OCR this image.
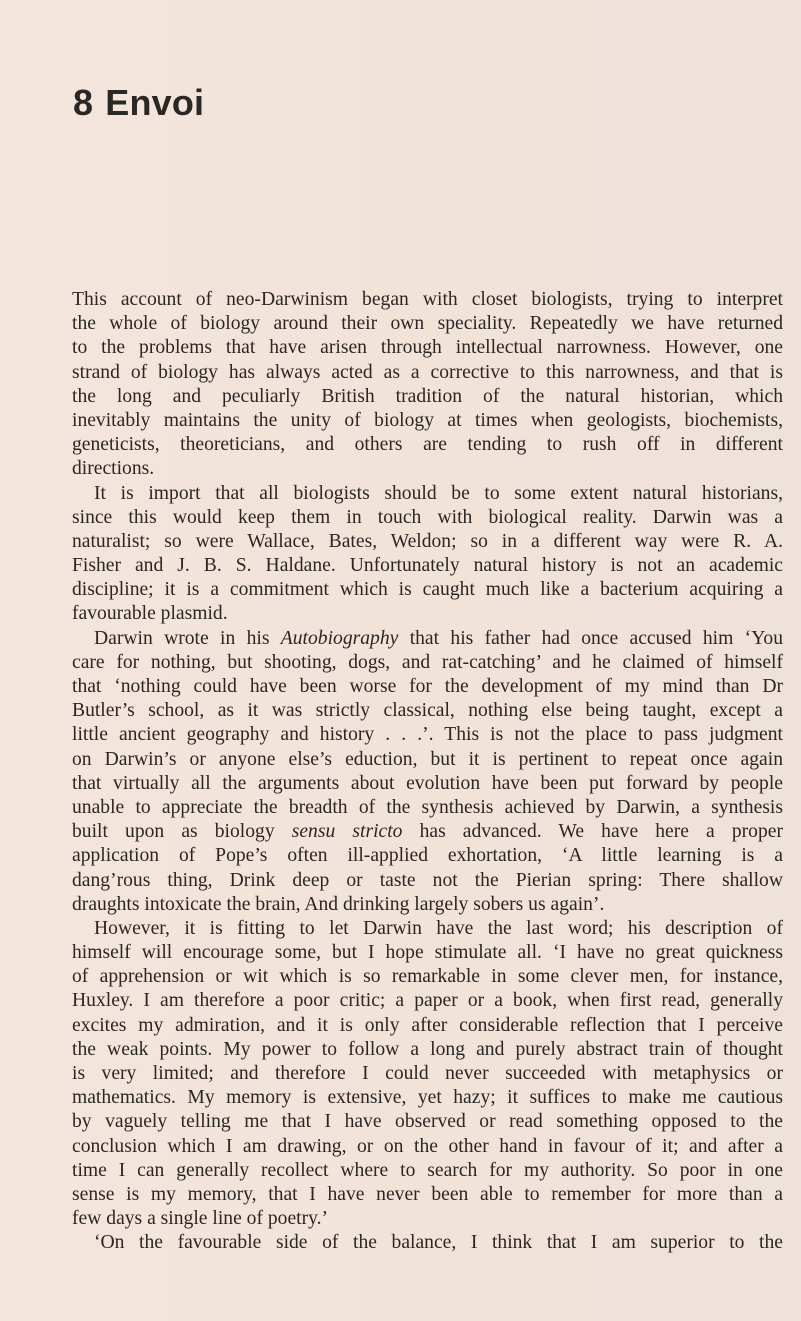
8 Envoi
This account of neo-Darwinism began with closet biologists, trying to interpret
the whole of biology around their own speciality. Repeatedly we have returned
to the problems that have arisen through intellectual narrowness. However, one
strand of biology has always acted as a corrective to this narrowness, and that is
the long and peculiarly British tradition of the natural historian, which
inevitably maintains the unity of biology at times when geologists, biochemists,
geneticists, theoreticians, and others are tending to rush off in different
directions.
It is import that all biologists should be to some extent natural historians,
since this would keep them in touch with biological reality. Darwin was a
naturalist; so were Wallace, Bates, Weldon; so in a different way were R. A.
Fisher and J. B. S. Haldane. Unfortunately natural history is not an academic
discipline; it is a commitment which is caught much like a bacterium acquiring a
favourable plasmid.
Darwin wrote in his Autobiography that his father had once accused him ‘You
care for nothing, but shooting, dogs, and rat-catching’ and he claimed of himself
that ‘nothing could have been worse for the development of my mind than Dr
Butler’s school, as it was strictly classical, nothing else being taught, except a
little ancient geography and history . . .’. This is not the place to pass judgment
on Darwin’s or anyone else’s eduction, but it is pertinent to repeat once again
that virtually all the arguments about evolution have been put forward by people
unable to appreciate the breadth of the synthesis achieved by Darwin, a synthesis
built upon as biology sensu stricto has advanced. We have here a proper
application of Pope’s often ill-applied exhortation, ‘A little learning is a
dang’rous thing, Drink deep or taste not the Pierian spring: There shallow
draughts intoxicate the brain, And drinking largely sobers us again’.
However, it is fitting to let Darwin have the last word; his description of
himself will encourage some, but I hope stimulate all. ‘I have no great quickness
of apprehension or wit which is so remarkable in some clever men, for instance,
Huxley. I am therefore a poor critic; a paper or a book, when first read, generally
excites my admiration, and it is only after considerable reflection that I perceive
the weak points. My power to follow a long and purely abstract train of thought
is very limited; and therefore I could never succeeded with metaphysics or
mathematics. My memory is extensive, yet hazy; it suffices to make me cautious
by vaguely telling me that I have observed or read something opposed to the
conclusion which I am drawing, or on the other hand in favour of it; and after a
time I can generally recollect where to search for my authority. So poor in one
sense is my memory, that I have never been able to remember for more than a
few days a single line of poetry.’
‘On the favourable side of the balance, I think that I am superior to the
